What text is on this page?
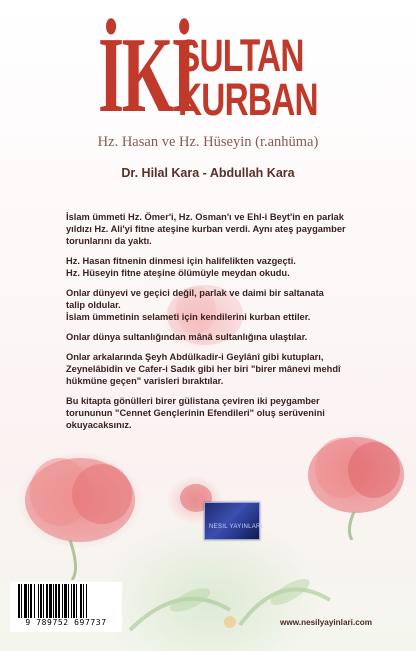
İKİ
SULTAN
KURBAN
Hz. Hasan ve Hz. Hüseyin (r.anhüma)
Dr. Hilal Kara - Abdullah Kara

İslam ümmeti Hz. Ömer'i, Hz. Osman'ı ve Ehl-i Beyt'in en parlak
yıldızı Hz. Ali'yi fitne ateşine kurban verdi. Aynı ateş paygamber
torunlarını da yaktı.

Hz. Hasan fitnenin dinmesi için halifelikten vazgeçti.
Hz. Hüseyin fitne ateşine ölümüyle meydan okudu.

Onlar dünyevi ve geçici değil, parlak ve daimi bir saltanata
talip oldular.
İslam ümmetinin selameti için kendilerini kurban ettiler.

Onlar dünya sultanlığından mânâ sultanlığına ulaştılar.

Onlar arkalarında Şeyh Abdülkadir-i Geylânî gibi kutupları,
Zeynelâbidîn ve Cafer-i Sadık gibi her biri "birer mânevi mehdî
hükmüne geçen" varisleri bıraktılar.

Bu kitapta gönülleri birer gülistana çeviren iki peygamber
torununun "Cennet Gençlerinin Efendileri" oluş serüvenini
okuyacaksınız.

NESIL YAYINLARI
9 789752 697737	www.nesilyayinlari.com
